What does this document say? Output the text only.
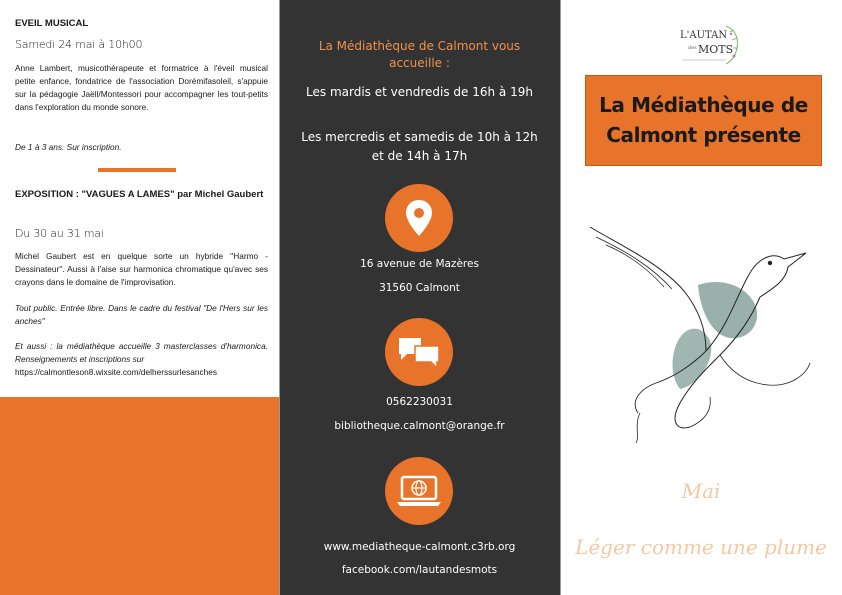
EVEIL MUSICAL
Samedi 24 mai à 10h00
Anne Lambert, musicothérapeute et formatrice à l'éveil musical petite enfance, fondatrice de l'association Dorémifasoleil, s'appuie sur la pédagogie Jaëll/Montessori pour accompagner les tout-petits dans l'exploration du monde sonore.
De 1 à 3 ans. Sur inscription.
EXPOSITION : "VAGUES A LAMES" par Michel Gaubert
Du 30 au 31 mai
Michel Gaubert est en quelque sorte un hybride ''Harmo -Dessinateur''. Aussi à l'aise sur harmonica chromatique qu'avec ses crayons dans le domaine de l'improvisation.
Tout public. Entrée libre. Dans le cadre du festival "De l'Hers sur les anches"
Et aussi : la médiathèque accueille 3 masterclasses d'harmonica. Renseignements et inscriptions sur
https://calmontleson8.wixsite.com/delherssurlesanches
La Médiathèque de Calmont vous accueille :
Les mardis et vendredis de 16h à 19h
Les mercredis et samedis de 10h à 12h et de 14h à 17h
16 avenue de Mazères
31560 Calmont
0562230031
bibliotheque.calmont@orange.fr
www.mediatheque-calmont.c3rb.org
facebook.com/lautandesmots
L'AUTAN
des MOTS
La Médiathèque de
Calmont présente
Mai
Léger comme une plume
